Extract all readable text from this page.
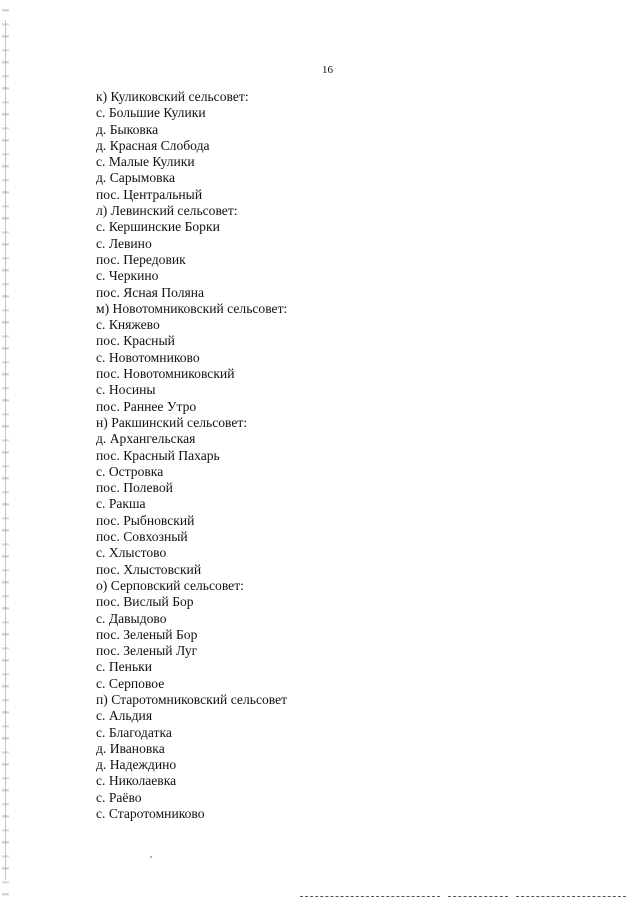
16
к) Куликовский сельсовет:
с. Большие Кулики
д. Быковка
д. Красная Слобода
с. Малые Кулики
д. Сарымовка
пос. Центральный
л) Левинский сельсовет:
с. Кершинские Борки
с. Левино
пос. Передовик
с. Черкино
пос. Ясная Поляна
м) Новотомниковский сельсовет:
с. Княжево
пос. Красный
с. Новотомниково
пос. Новотомниковский
с. Носины
пос. Раннее Утро
н) Ракшинский сельсовет:
д. Архангельская
пос. Красный Пахарь
с. Островка
пос. Полевой
с. Ракша
пос. Рыбновский
пос. Совхозный
с. Хлыстово
пос. Хлыстовский
о) Серповский сельсовет:
пос. Вислый Бор
с. Давыдово
пос. Зеленый Бор
пос. Зеленый Луг
с. Пеньки
с. Серповое
п) Старотомниковский сельсовет
с. Альдия
с. Благодатка
д. Ивановка
д. Надеждино
с. Николаевка
с. Раёво
с. Старотомниково
